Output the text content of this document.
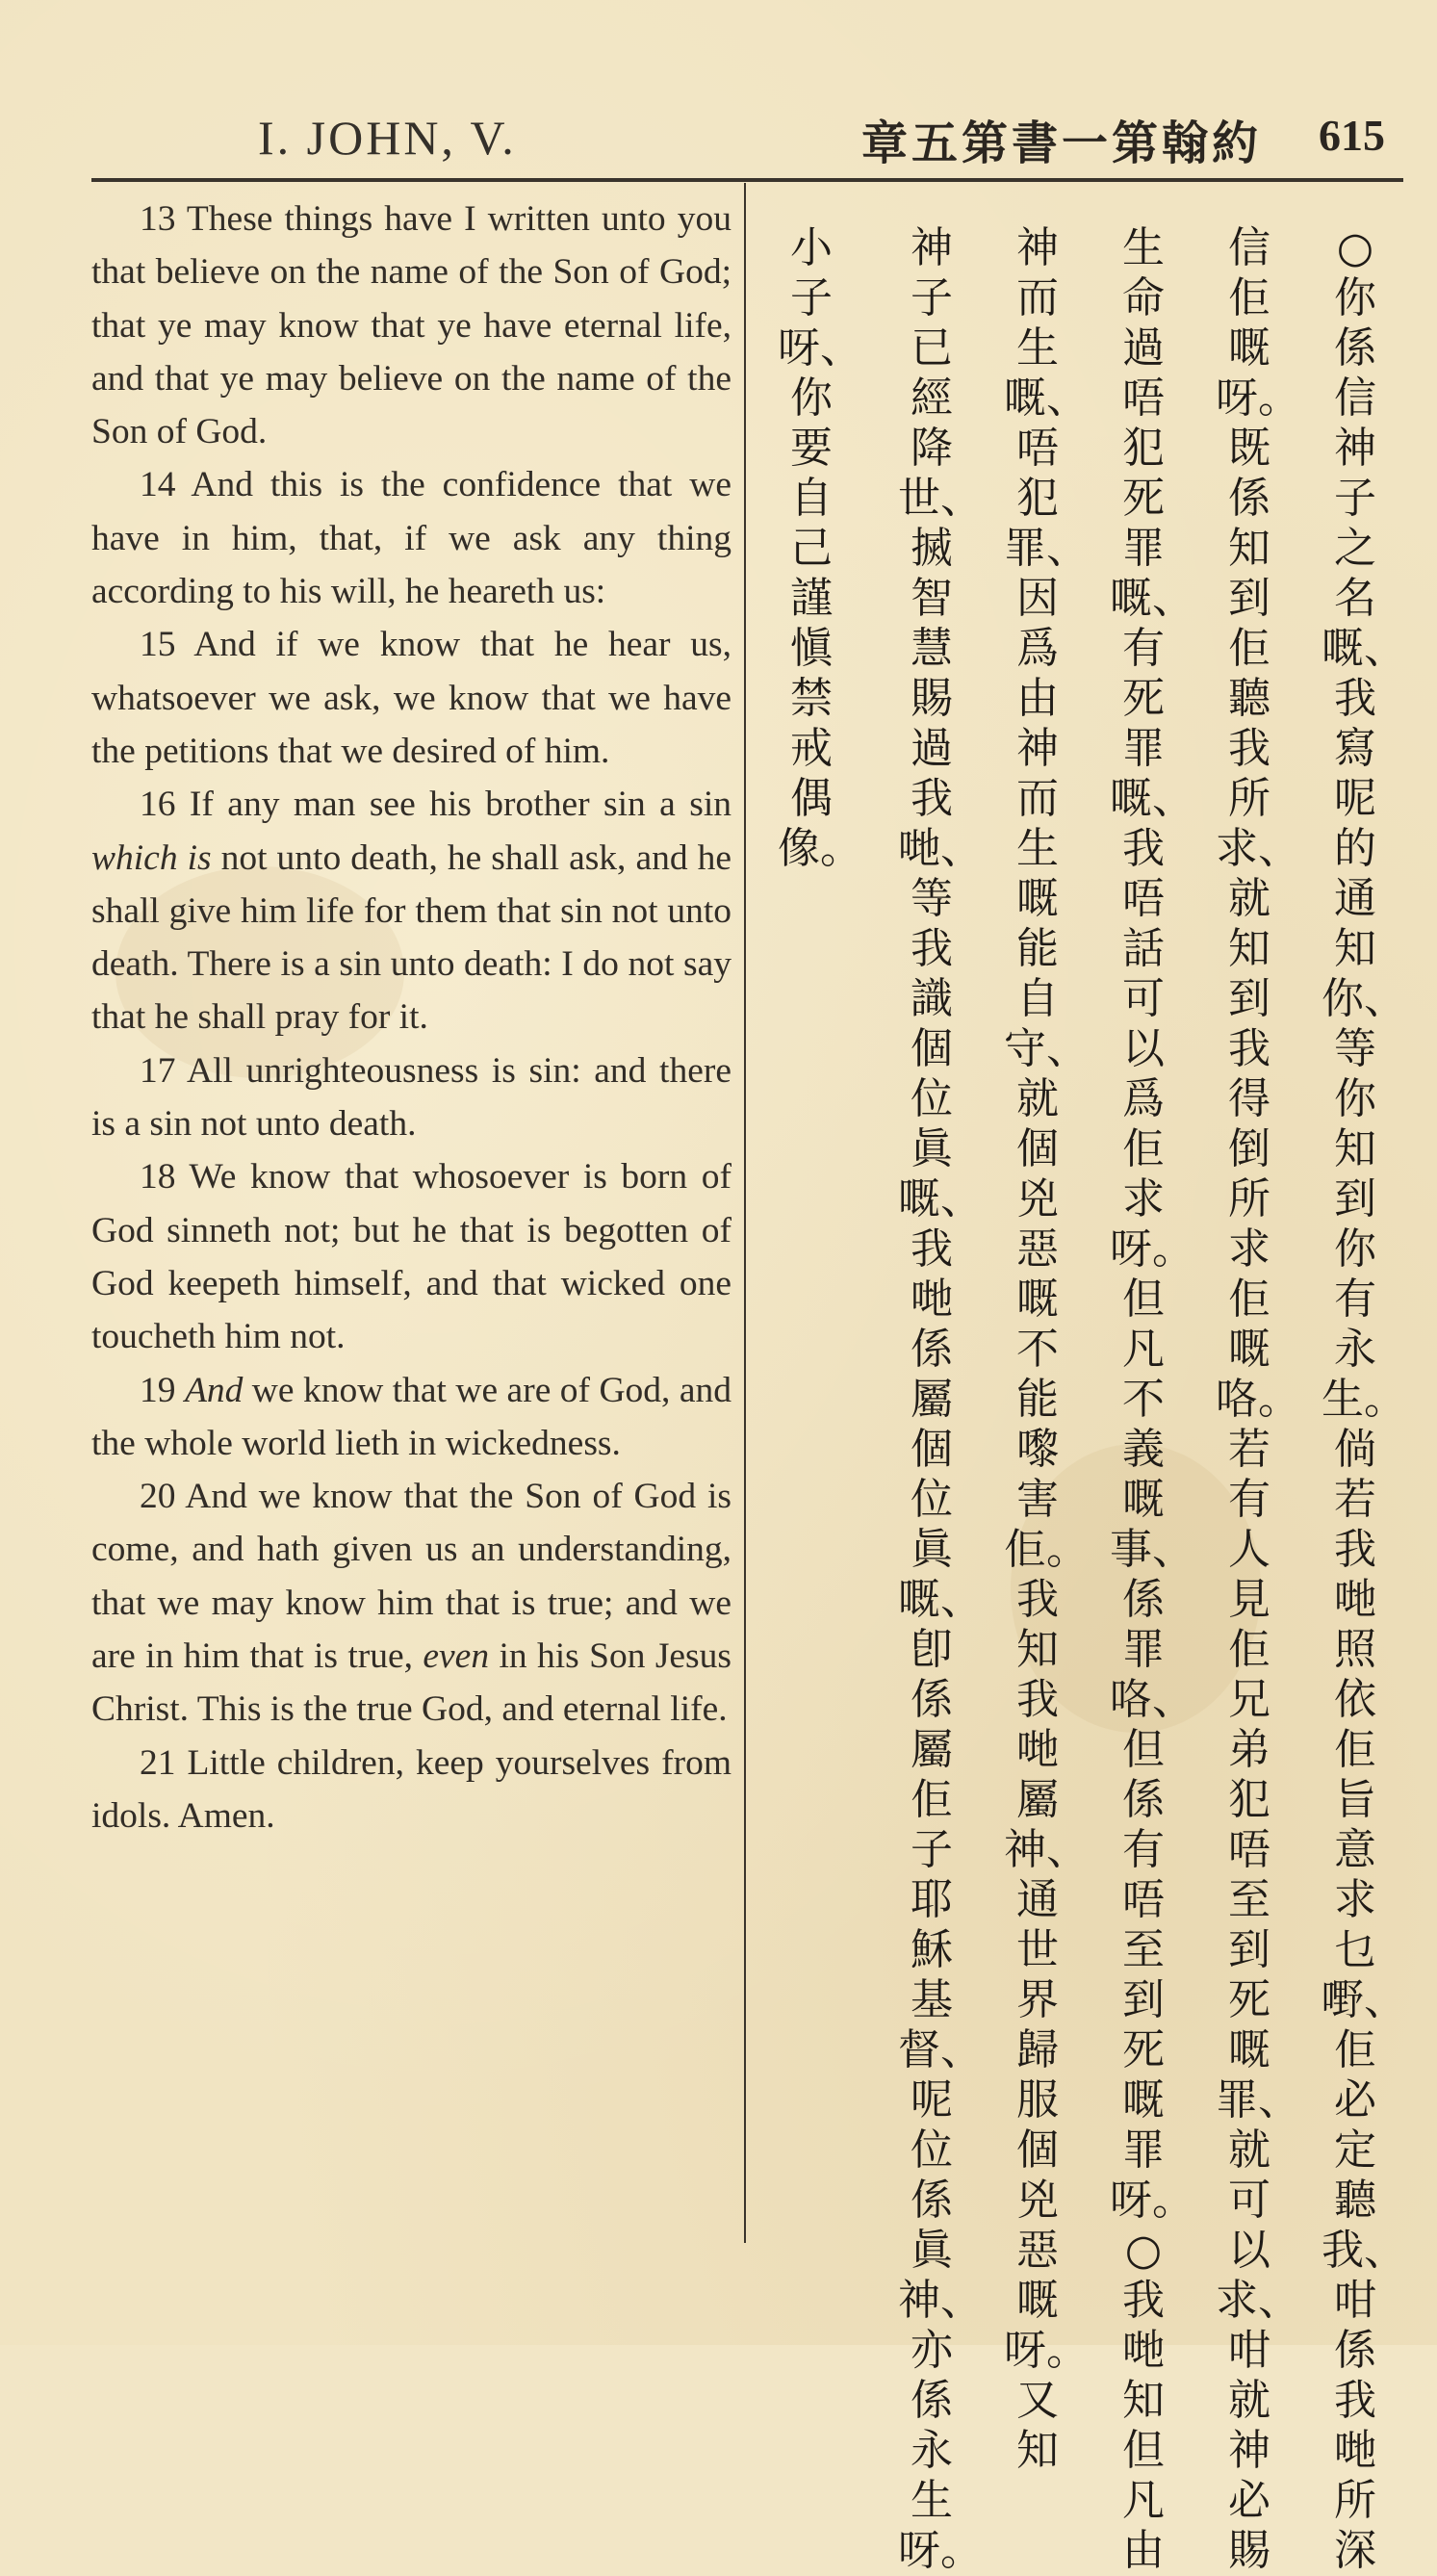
I. JOHN, V.	章五第書一第翰約 615

13 These things have I written unto you that believe on the name of the Son of God; that ye may know that ye have eternal life, and that ye may believe on the name of the Son of God.

14 And this is the confidence that we have in him, that, if we ask any thing according to his will, he heareth us:

15 And if we know that he hear us, whatsoever we ask, we know that we have the petitions that we desired of him.

16 If any man see his brother sin a sin which is not unto death, he shall ask, and he shall give him life for them that sin not unto death. There is a sin unto death: I do not say that he shall pray for it.

17 All unrighteousness is sin: and there is a sin not unto death.

18 We know that whosoever is born of God sinneth not; but he that is begotten of God keepeth himself, and that wicked one toucheth him not.

19 And we know that we are of God, and the whole world lieth in wickedness.

20 And we know that the Son of God is come, and hath given us an understanding, that we may know him that is true; and we are in him that is true, even in his Son Jesus Christ. This is the true God, and eternal life.

21 Little children, keep yourselves from idols. Amen.

○你係信　神子之名嘅、我寫呢的通知你、等你知到你有永生。倘若我哋照依佢旨意求乜嘢、佢必定聽我、咁係我哋所深
信佢嘅呀。既係知到佢聽我所求、就知到我得倒所求佢嘅咯。若有人見佢兄弟犯唔至到死嘅罪、就可以求、咁就　神必賜
生命過唔犯死罪嘅、有死罪嘅、我唔話可以爲佢求呀。但凡不義嘅事、係罪咯、但係有唔至到死嘅罪呀。○我哋知但凡由
神而生嘅、唔犯罪、因爲由　神而生嘅能自守、就個兇惡嘅不能嚟害佢。我知我哋屬　神、通世界歸服個兇惡嘅呀。又知
神子已經降世、搣智慧賜過我哋、等我識個位眞嘅、我哋係屬個位眞嘅、卽係屬佢子耶穌基督、呢位係眞　神、亦係永生呀。
小子呀、你要自己謹愼禁戒偶像。
